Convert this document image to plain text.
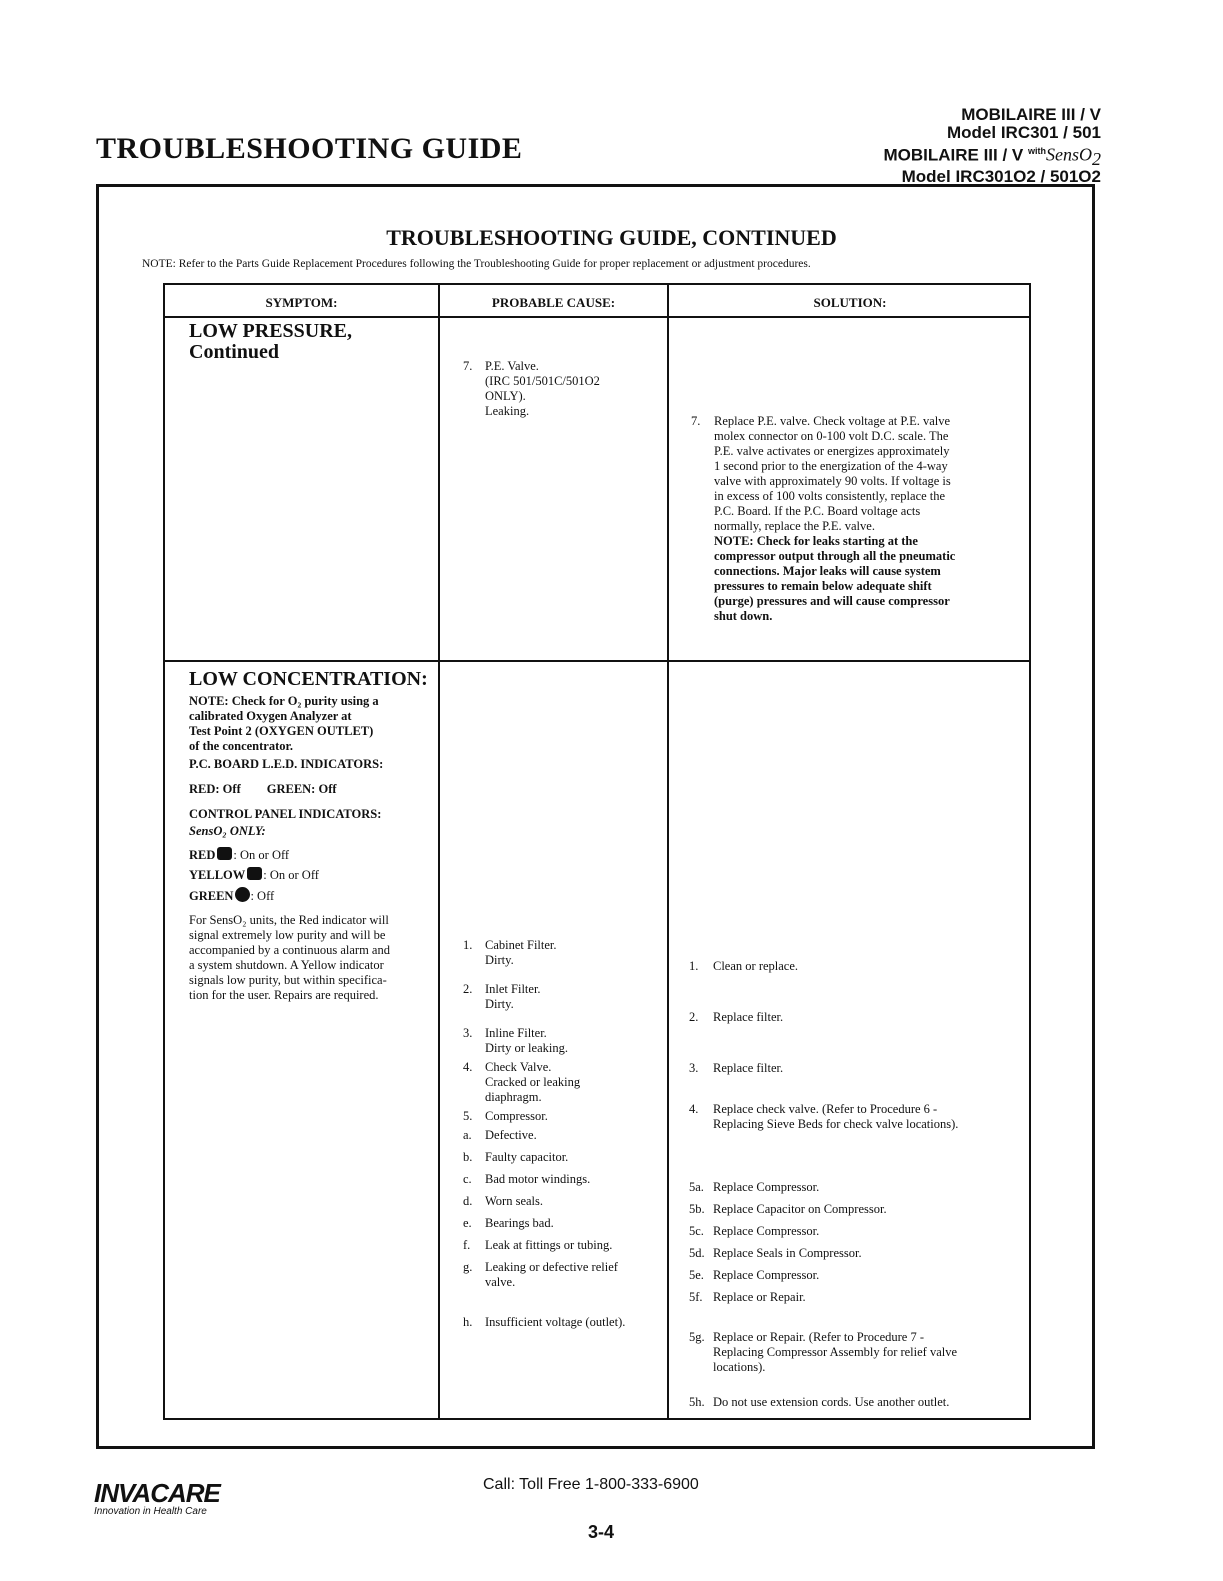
TROUBLESHOOTING GUIDE
MOBILAIRE III / V
Model IRC301 / 501
MOBILAIRE III / V $^{with}$SensO$_2$
Model IRC301O2 / 501O2
TROUBLESHOOTING GUIDE, CONTINUED
NOTE: Refer to the Parts Guide Replacement Procedures following the Troubleshooting Guide for proper replacement or adjustment procedures.
SYMPTOM:	PROBABLE CAUSE:	SOLUTION:
LOW PRESSURE,
Continued
7. P.E. Valve.
(IRC 501/501C/501O2
ONLY).
Leaking.
7. Replace P.E. valve. Check voltage at P.E. valve
molex connector on 0-100 volt D.C. scale. The
P.E. valve activates or energizes approximately
1 second prior to the energization of the 4-way
valve with approximately 90 volts. If voltage is
in excess of 100 volts consistently, replace the
P.C. Board. If the P.C. Board voltage acts
normally, replace the P.E. valve.
NOTE: Check for leaks starting at the
compressor output through all the pneumatic
connections. Major leaks will cause system
pressures to remain below adequate shift
(purge) pressures and will cause compressor
shut down.
LOW CONCENTRATION:
NOTE: Check for O₂ purity using a
calibrated Oxygen Analyzer at
Test Point 2 (OXYGEN OUTLET)
of the concentrator.
P.C. BOARD L.E.D. INDICATORS:
RED: Off GREEN: Off
CONTROL PANEL INDICATORS:
SensO₂ ONLY:
RED : On or Off
YELLOW : On or Off
GREEN : Off
For SensO₂ units, the Red indicator will
signal extremely low purity and will be
accompanied by a continuous alarm and
a system shutdown. A Yellow indicator
signals low purity, but within specifica-
tion for the user. Repairs are required.
1. Cabinet Filter.
Dirty.
2. Inlet Filter.
Dirty.
3. Inline Filter.
Dirty or leaking.
4. Check Valve.
Cracked or leaking
diaphragm.
5. Compressor.
a. Defective.
b. Faulty capacitor.
c. Bad motor windings.
d. Worn seals.
e. Bearings bad.
f. Leak at fittings or tubing.
g. Leaking or defective relief
valve.
h. Insufficient voltage (outlet).
1. Clean or replace.
2. Replace filter.
3. Replace filter.
4. Replace check valve. (Refer to Procedure 6 -
Replacing Sieve Beds for check valve locations).
5a. Replace Compressor.
5b. Replace Capacitor on Compressor.
5c. Replace Compressor.
5d. Replace Seals in Compressor.
5e. Replace Compressor.
5f. Replace or Repair.
5g. Replace or Repair. (Refer to Procedure 7 -
Replacing Compressor Assembly for relief valve
locations).
5h. Do not use extension cords. Use another outlet.
INVACARE
Innovation in Health Care
Call: Toll Free 1-800-333-6900
3-4
